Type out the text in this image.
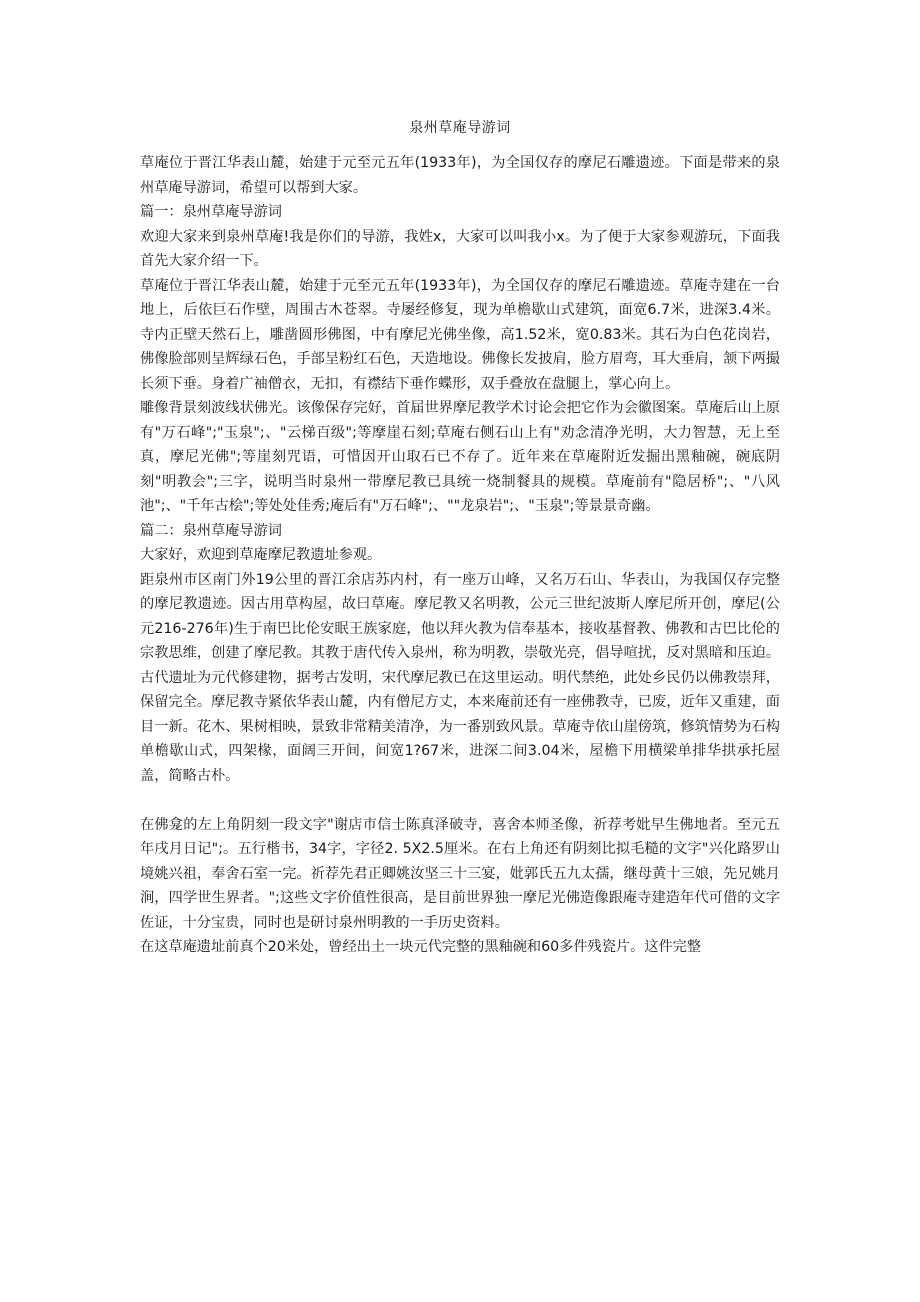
泉州草庵导游词

草庵位于晋江华表山麓，始建于元至元五年(1933年)，为全国仅存的摩尼石雕遗迹。下面是带来的泉州草庵导游词，希望可以帮到大家。

篇一：泉州草庵导游词

欢迎大家来到泉州草庵!我是你们的导游，我姓x，大家可以叫我小x。为了便于大家参观游玩，下面我首先大家介绍一下。

草庵位于晋江华表山麓，始建于元至元五年(1933年)，为全国仅存的摩尼石雕遗迹。草庵寺建在一台地上，后依巨石作壁，周围古木苍翠。寺屡经修复，现为单檐歇山式建筑，面宽6.7米，进深3.4米。寺内正壁天然石上，雕凿圆形佛图，中有摩尼光佛坐像，高1.52米，宽0.83米。其石为白色花岗岩，佛像脸部则呈辉绿石色，手部呈粉红石色，天造地设。佛像长发披肩，脸方眉弯，耳大垂肩，颔下两撮长须下垂。身着广袖僧衣，无扣，有襟结下垂作蝶形，双手叠放在盘腿上，掌心向上。

雕像背景刻波线状佛光。该像保存完好，首届世界摩尼教学术讨论会把它作为会徽图案。草庵后山上原有"万石峰";"玉泉";、"云梯百级";等摩崖石刻;草庵右侧石山上有"劝念清净光明，大力智慧，无上至真，摩尼光佛";等崖刻咒语，可惜因开山取石已不存了。近年来在草庵附近发掘出黑釉碗，碗底阴刻"明教会";三字，说明当时泉州一带摩尼教已具统一烧制餐具的规模。草庵前有"隐居桥";、"八风池";、"千年古桧";等处处佳秀;庵后有"万石峰";、""龙泉岩";、"玉泉";等景景奇幽。

篇二：泉州草庵导游词

大家好，欢迎到草庵摩尼教遗址参观。

距泉州市区南门外19公里的晋江余店苏内村，有一座万山峰，又名万石山、华表山，为我国仅存完整的摩尼教遗迹。因古用草构屋，故曰草庵。摩尼教又名明教，公元三世纪波斯人摩尼所开创，摩尼(公元216-276年)生于南巴比伦安眠王族家庭，他以拜火教为信奉基本，接收基督教、佛教和古巴比伦的宗教思维，创建了摩尼教。其教于唐代传入泉州，称为明教，崇敬光亮，倡导喧扰，反对黑暗和压迫。古代遗址为元代修建物，据考古发明，宋代摩尼教已在这里运动。明代禁绝，此处乡民仍以佛教崇拜，保留完全。摩尼教寺紧依华表山麓，内有僧尼方丈，本来庵前还有一座佛教寺，已废，近年又重建，面目一新。花木、果树相映，景致非常精美清净，为一番别致风景。草庵寺依山崖傍筑，修筑情势为石构单檐歇山式，四架椽，面阔三开间，间宽1?67米，进深二间3.04米，屋檐下用横梁单排华拱承托屋盖，简略古朴。

在佛龛的左上角阴刻一段文字"谢店市信士陈真泽破寺，喜舍本师圣像，祈荐考妣早生佛地者。至元五年戌月日记";。五行楷书，34字，字径2. 5X2.5厘米。在右上角还有阴刻比拟毛糙的文字"兴化路罗山境姚兴祖，奉舍石室一完。祈荐先君正卿姚汝坚三十三宴，妣郭氏五九太孺，继母黄十三娘，先兄姚月涧，四学世生界者。";这些文字价值性很高，是目前世界独一摩尼光佛造像跟庵寺建造年代可借的文字佐证，十分宝贵，同时也是研讨泉州明教的一手历史资料。

在这草庵遗址前真个20米处，曾经出土一块元代完整的黑釉碗和60多件残瓷片。这件完整
